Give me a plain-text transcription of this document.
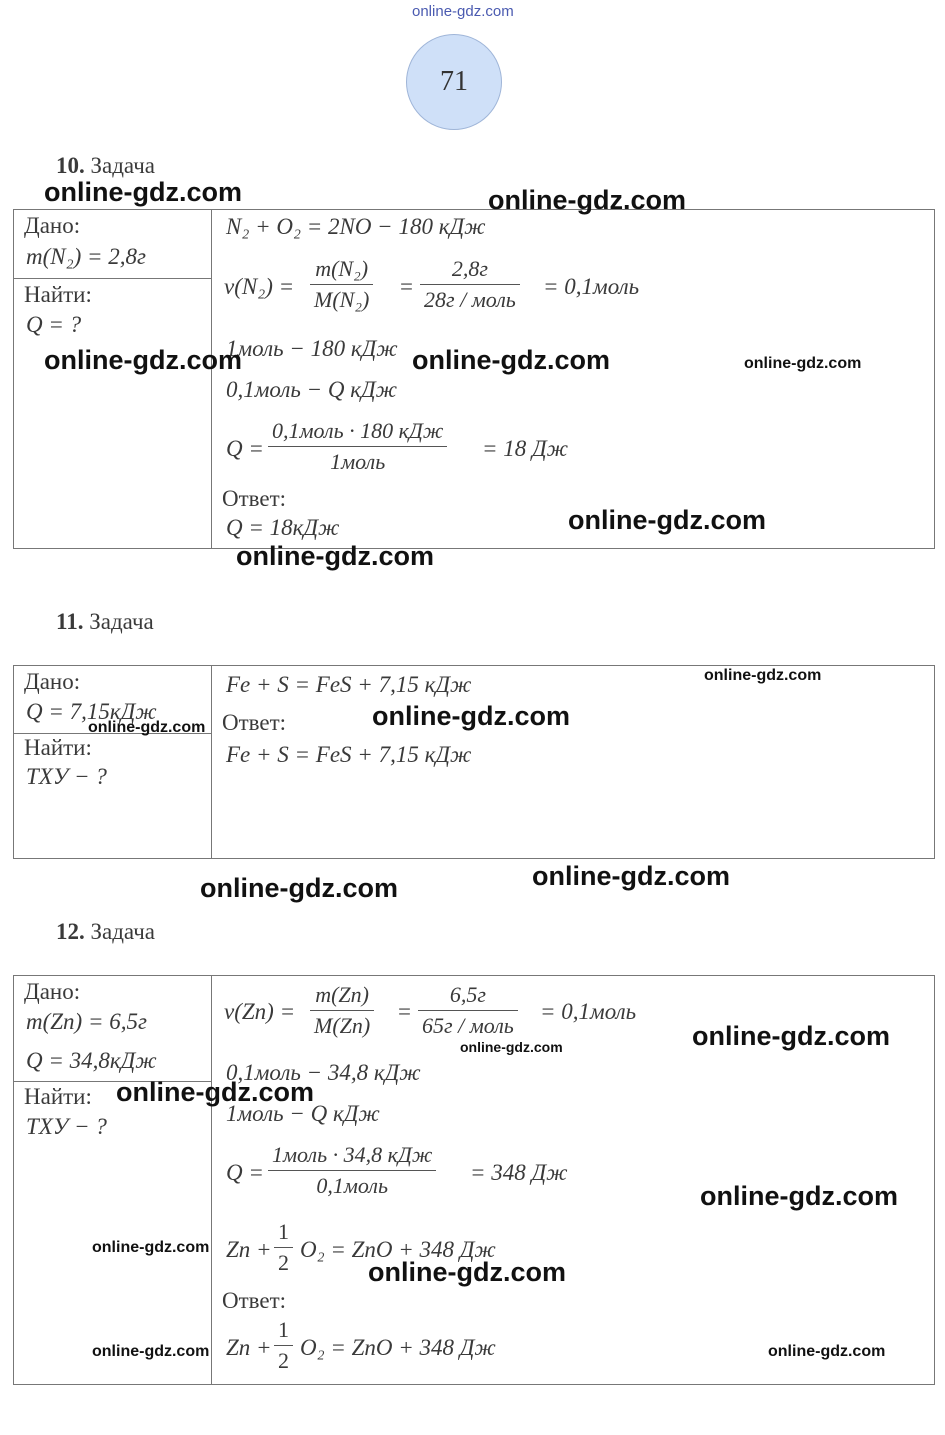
online-gdz.com
71
10. Задача
Дано:
m(N₂) = 2,8г
Найти:
Q = ?
N₂ + O₂ = 2NO − 180 кДж
$\nu(N_2) = \frac{\text{m(N₂)}}{\text{M(N₂)}}$ =
2,8г
28г / моль
= 0,1моль
1моль − 180 кДж
0,1моль − Q кДж
Q =
0,1моль · 180 кДж
1моль
= 18 Дж
Ответ:
Q = 18кДж
11. Задача
Дано:
Q = 7,15кДж
Найти:
ТХУ − ?
Fe + S = FeS + 7,15 кДж
Ответ:
Fe + S = FeS + 7,15 кДж
12. Задача
Дано:
m(Zn) = 6,5г
Q = 34,8кДж
Найти:
ТХУ − ?
$\nu(Zn) = \frac{m(Zn)}{M(Zn)}$ =
6,5г
65г / моль
= 0,1моль
0,1моль − 34,8 кДж
1моль − Q кДж
Q =
1моль · 34,8 кДж
0,1моль
= 348 Дж
$Zn + \frac{1}{2} O_2$ = ZnO + 348 Дж
Ответ:
$Zn + \frac{1}{2} O_2$ = ZnO + 348 Дж
online-gdz.com	online-gdz.com
online-gdz.com	online-gdz.com	online-gdz.com
online-gdz.com
online-gdz.com
online-gdz.com
online-gdz.com
online-gdz.com
online-gdz.com
online-gdz.com
online-gdz.com
online-gdz.com
online-gdz.com
online-gdz.com
online-gdz.com
online-gdz.com
online-gdz.com	online-gdz.com
